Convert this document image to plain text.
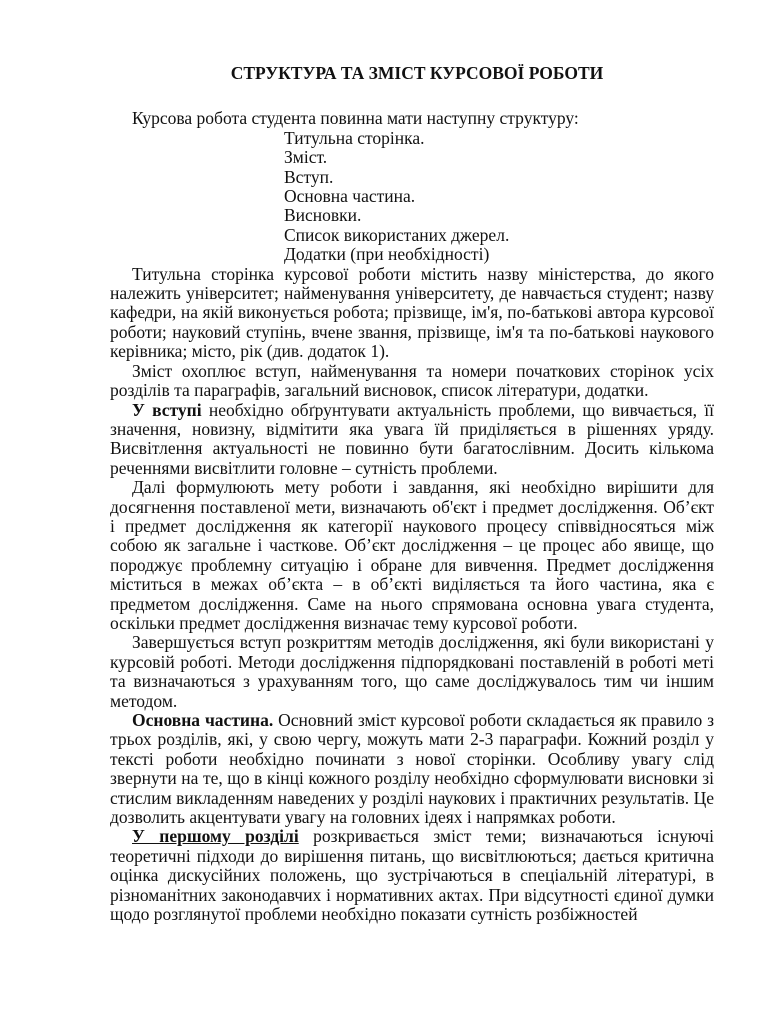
СТРУКТУРА ТА ЗМІСТ КУРСОВОЇ РОБОТИ

Курсова робота студента повинна мати наступну структуру:

Титульна сторінка.
Зміст.
Вступ.
Основна частина.
Висновки.
Список використаних джерел.
Додатки (при необхідності)

Титульна сторінка курсової роботи містить назву міністерства, до якого належить університет; найменування університету, де навчається студент; назву кафедри, на якій виконується робота; прізвище, ім'я, по-батькові автора курсової роботи; науковий ступінь, вчене звання, прізвище, ім'я та по-батькові наукового керівника; місто, рік (див. додаток 1).

Зміст охоплює вступ, найменування та номери початкових сторінок усіх розділів та параграфів, загальний висновок, список літератури, додатки.

У вступі необхідно обґрунтувати актуальність проблеми, що вивчається, її значення, новизну, відмітити яка увага їй приділяється в рішеннях уряду. Висвітлення актуальності не повинно бути багатослівним. Досить кількома реченнями висвітлити головне – сутність проблеми.

Далі формулюють мету роботи і завдання, які необхідно вирішити для досягнення поставленої мети, визначають об'єкт і предмет дослідження. Об’єкт і предмет дослідження як категорії наукового процесу співвідносяться між собою як загальне і часткове. Об’єкт дослідження – це процес або явище, що породжує проблемну ситуацію і обране для вивчення. Предмет дослідження міститься в межах об’єкта – в об’єкті виділяється та його частина, яка є предметом дослідження. Саме на нього спрямована основна увага студента, оскільки предмет дослідження визначає тему курсової роботи.

Завершується вступ розкриттям методів дослідження, які були використані у курсовій роботі. Методи дослідження підпорядковані поставленій в роботі меті та визначаються з урахуванням того, що саме досліджувалось тим чи іншим методом.

Основна частина. Основний зміст курсової роботи складається як правило з трьох розділів, які, у свою чергу, можуть мати 2-3 параграфи. Кожний розділ у тексті роботи необхідно починати з нової сторінки. Особливу увагу слід звернути на те, що в кінці кожного розділу необхідно сформулювати висновки зі стислим викладенням наведених у розділі наукових і практичних результатів. Це дозволить акцентувати увагу на головних ідеях і напрямках роботи.

У першому розділі розкривається зміст теми; визначаються існуючі теоретичні підходи до вирішення питань, що висвітлюються; дається критична оцінка дискусійних положень, що зустрічаються в спеціальній літературі, в різноманітних законодавчих і нормативних актах. При відсутності єдиної думки щодо розглянутої проблеми необхідно показати сутність розбіжностей
